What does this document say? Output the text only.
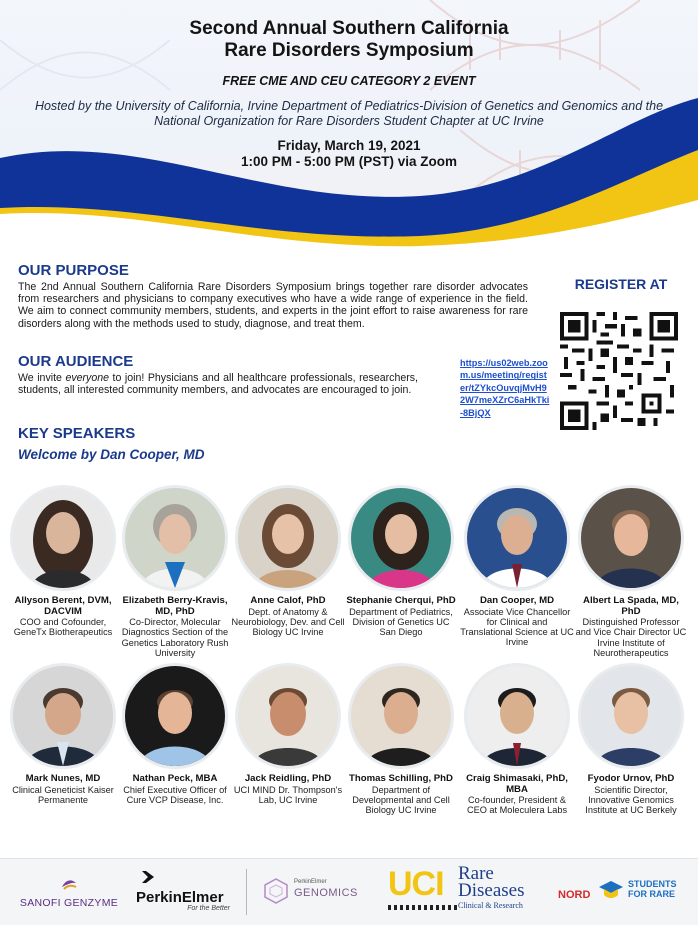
Second Annual Southern California
Rare Disorders Symposium
FREE CME AND CEU CATEGORY 2 EVENT
Hosted by the University of California, Irvine Department of Pediatrics-Division of Genetics and Genomics and the National Organization for Rare Disorders Student Chapter at UC Irvine
Friday, March 19, 2021
1:00 PM - 5:00 PM (PST) via Zoom
OUR PURPOSE
The 2nd Annual Southern California Rare Disorders Symposium brings together rare disorder advocates from researchers and physicians to company executives who have a wide range of experience in the field. We aim to connect community members, students, and experts in the joint effort to raise awareness for rare disorders along with the methods used to study, diagnose, and treat them.
OUR AUDIENCE
We invite everyone to join! Physicians and all healthcare professionals, researchers, students, all interested community members, and advocates are encouraged to join.
REGISTER AT
https://us02web.zoom.us/meeting/register/tZYkcOuvqjMvH92W7meXZrC6aHkTki-8BjQX
KEY SPEAKERS
Welcome by Dan Cooper, MD
Allyson Berent, DVM, DACVIM
COO and Cofounder, GeneTx Biotherapeutics
Elizabeth Berry-Kravis, MD, PhD
Co-Director, Molecular Diagnostics Section of the Genetics Laboratory Rush University
Anne Calof, PhD
Dept. of Anatomy & Neurobiology, Dev. and Cell Biology UC Irvine
Stephanie Cherqui, PhD
Department of Pediatrics, Division of Genetics UC San Diego
Dan Cooper, MD
Associate Vice Chancellor for Clinical and Translational Science at UC Irvine
Albert La Spada, MD, PhD
Distinguished Professor and Vice Chair Director UC Irvine Institute of Neurotherapeutics
Mark Nunes, MD
Clinical Geneticist Kaiser Permanente
Nathan Peck, MBA
Chief Executive Officer of Cure VCP Disease, Inc.
Jack Reidling, PhD
UCI MIND Dr. Thompson's Lab, UC Irvine
Thomas Schilling, PhD
Department of Developmental and Cell Biology UC Irvine
Craig Shimasaki, PhD, MBA
Co-founder, President & CEO at Moleculera Labs
Fyodor Urnov, PhD
Scientific Director, Innovative Genomics Institute at UC Berkely
SANOFI GENZYME	PerkinElmer
For the Better
PerkinElmer
GENOMICS UCI Rare
Diseases
Clinical & Research
NORD
STUDENTS
FOR RARE
